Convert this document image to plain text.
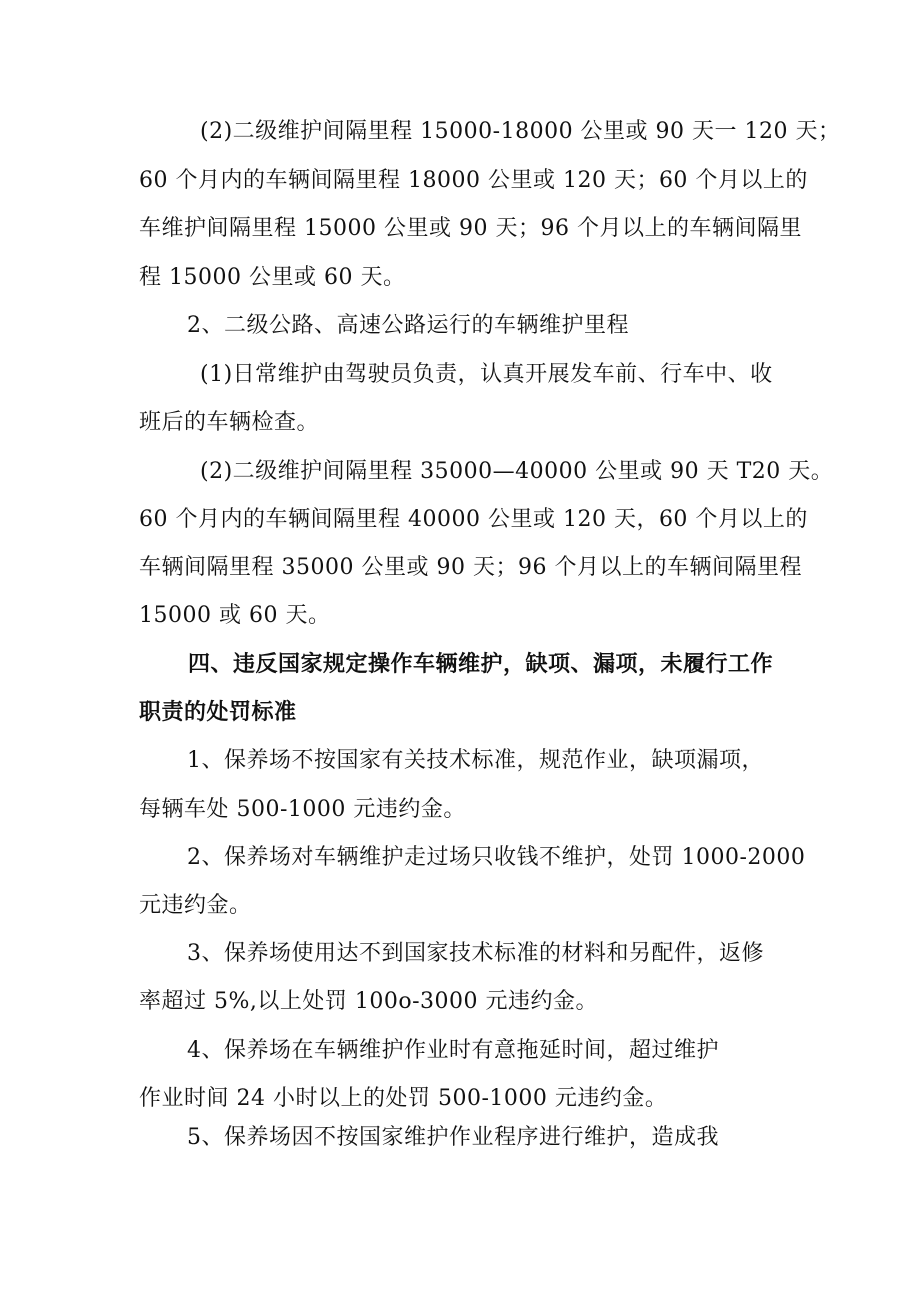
(2)二级维护间隔里程 15000-18000 公里或 90 天一 120 天；
60 个月内的车辆间隔里程 18000 公里或 120 天；60 个月以上的
车维护间隔里程 15000 公里或 90 天；96 个月以上的车辆间隔里
程 15000 公里或 60 天。
2、二级公路、高速公路运行的车辆维护里程
(1)日常维护由驾驶员负责，认真开展发车前、行车中、收
班后的车辆检查。
(2)二级维护间隔里程 35000—40000 公里或 90 天 T20 天。
60 个月内的车辆间隔里程 40000 公里或 120 天，60 个月以上的
车辆间隔里程 35000 公里或 90 天；96 个月以上的车辆间隔里程
15000 或 60 天。
四、违反国家规定操作车辆维护，缺项、漏项，未履行工作
职责的处罚标准
1、保养场不按国家有关技术标准，规范作业，缺项漏项，
每辆车处 500-1000 元违约金。
2、保养场对车辆维护走过场只收钱不维护，处罚 1000-2000
元违约金。
3、保养场使用达不到国家技术标准的材料和另配件，返修
率超过 5%,以上处罚 100o-3000 元违约金。
4、保养场在车辆维护作业时有意拖延时间，超过维护
作业时间 24 小时以上的处罚 500-1000 元违约金。
5、保养场因不按国家维护作业程序进行维护，造成我
